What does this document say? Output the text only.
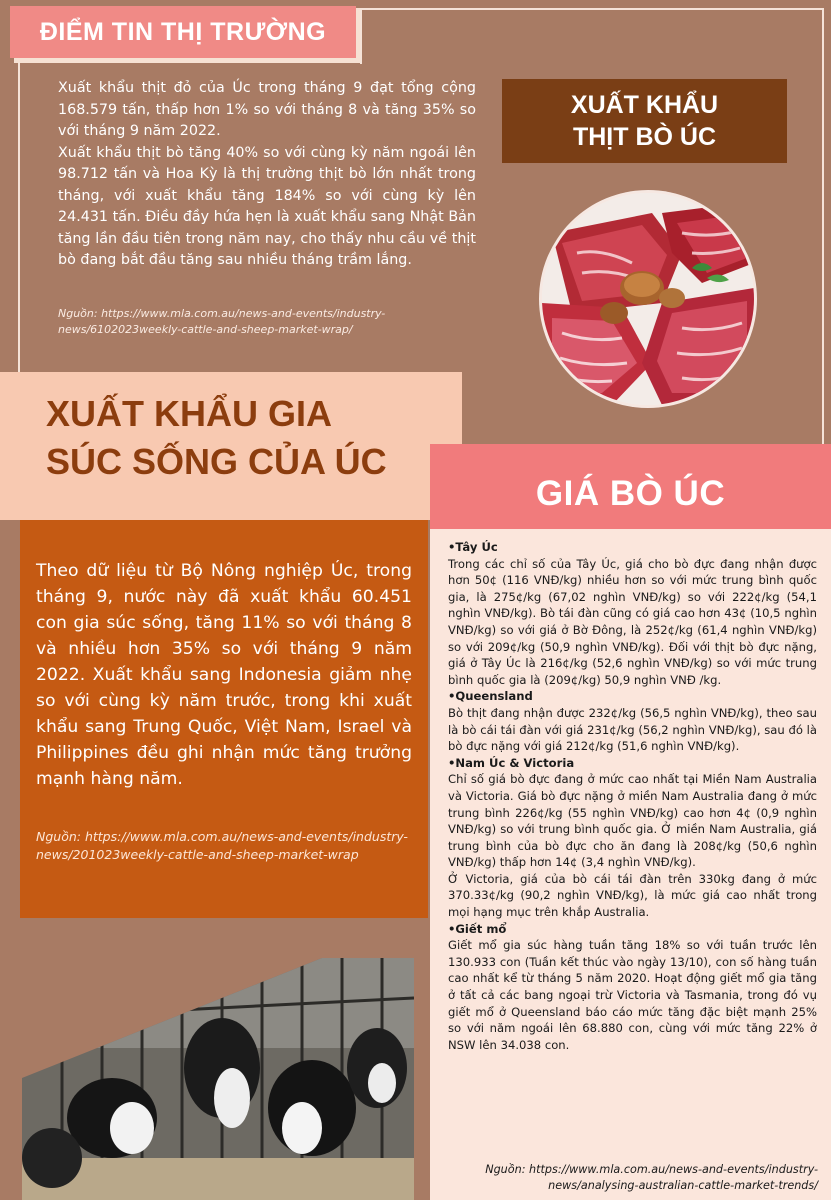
ĐIỂM TIN THỊ TRƯỜNG

Xuất khẩu thịt đỏ của Úc trong tháng 9 đạt tổng cộng 168.579 tấn, thấp hơn 1% so với tháng 8 và tăng 35% so với tháng 9 năm 2022.

Xuất khẩu thịt bò tăng 40% so với cùng kỳ năm ngoái lên 98.712 tấn và Hoa Kỳ là thị trường thịt bò lớn nhất trong tháng, với xuất khẩu tăng 184% so với cùng kỳ lên 24.431 tấn. Điều đầy hứa hẹn là xuất khẩu sang Nhật Bản tăng lần đầu tiên trong năm nay, cho thấy nhu cầu về thịt bò đang bắt đầu tăng sau nhiều tháng trầm lắng.

Nguồn: https://www.mla.com.au/news-and-events/industry-news/6102023weekly-cattle-and-sheep-market-wrap/
XUẤT KHẨU
THỊT BÒ ÚC
XUẤT KHẨU GIA
SÚC SỐNG CỦA ÚC

Theo dữ liệu từ Bộ Nông nghiệp Úc, trong tháng 9, nước này đã xuất khẩu 60.451 con gia súc sống, tăng 11% so với tháng 8 và nhiều hơn 35% so với tháng 9 năm 2022. Xuất khẩu sang Indonesia giảm nhẹ so với cùng kỳ năm trước, trong khi xuất khẩu sang Trung Quốc, Việt Nam, Israel và Philippines đều ghi nhận mức tăng trưởng mạnh hàng năm.

Nguồn: https://www.mla.com.au/news-and-events/industry-news/201023weekly-cattle-and-sheep-market-wrap

GIÁ BÒ ÚC
•Tây Úc
Trong các chỉ số của Tây Úc, giá cho bò đực đang nhận được hơn 50¢ (116 VNĐ/kg) nhiều hơn so với mức trung bình quốc gia, là 275¢/kg (67,02 nghìn VNĐ/kg) so với 222¢/kg (54,1 nghìn VNĐ/kg). Bò tái đàn cũng có giá cao hơn 43¢ (10,5 nghìn VNĐ/kg) so với giá ở Bờ Đông, là 252¢/kg (61,4 nghìn VNĐ/kg) so với 209¢/kg (50,9 nghìn VNĐ/kg). Đối với thịt bò đực nặng, giá ở Tây Úc là 216¢/kg (52,6 nghìn VNĐ/kg) so với mức trung bình quốc gia là (209¢/kg) 50,9 nghìn VNĐ /kg.
•Queensland
Bò thịt đang nhận được 232¢/kg (56,5 nghìn VNĐ/kg), theo sau là bò cái tái đàn với giá 231¢/kg (56,2 nghìn VNĐ/kg), sau đó là bò đực nặng với giá 212¢/kg (51,6 nghìn VNĐ/kg).
•Nam Úc & Victoria
Chỉ số giá bò đực đang ở mức cao nhất tại Miền Nam Australia và Victoria. Giá bò đực nặng ở miền Nam Australia đang ở mức trung bình 226¢/kg (55 nghìn VNĐ/kg) cao hơn 4¢ (0,9 nghìn VNĐ/kg) so với trung bình quốc gia. Ở miền Nam Australia, giá trung bình của bò đực cho ăn đang là 208¢/kg (50,6 nghìn VNĐ/kg) thấp hơn 14¢ (3,4 nghìn VNĐ/kg).
Ở Victoria, giá của bò cái tái đàn trên 330kg đang ở mức 370.33¢/kg (90,2 nghìn VNĐ/kg), là mức giá cao nhất trong mọi hạng mục trên khắp Australia.
•Giết mổ
Giết mổ gia súc hàng tuần tăng 18% so với tuần trước lên 130.933 con (Tuần kết thúc vào ngày 13/10), con số hàng tuần cao nhất kể từ tháng 5 năm 2020. Hoạt động giết mổ gia tăng ở tất cả các bang ngoại trừ Victoria và Tasmania, trong đó vụ giết mổ ở Queensland báo cáo mức tăng đặc biệt mạnh 25% so với năm ngoái lên 68.880 con, cùng với mức tăng 22% ở NSW lên 34.038 con.
Nguồn: https://www.mla.com.au/news-and-events/industry-
news/analysing-australian-cattle-market-trends/
